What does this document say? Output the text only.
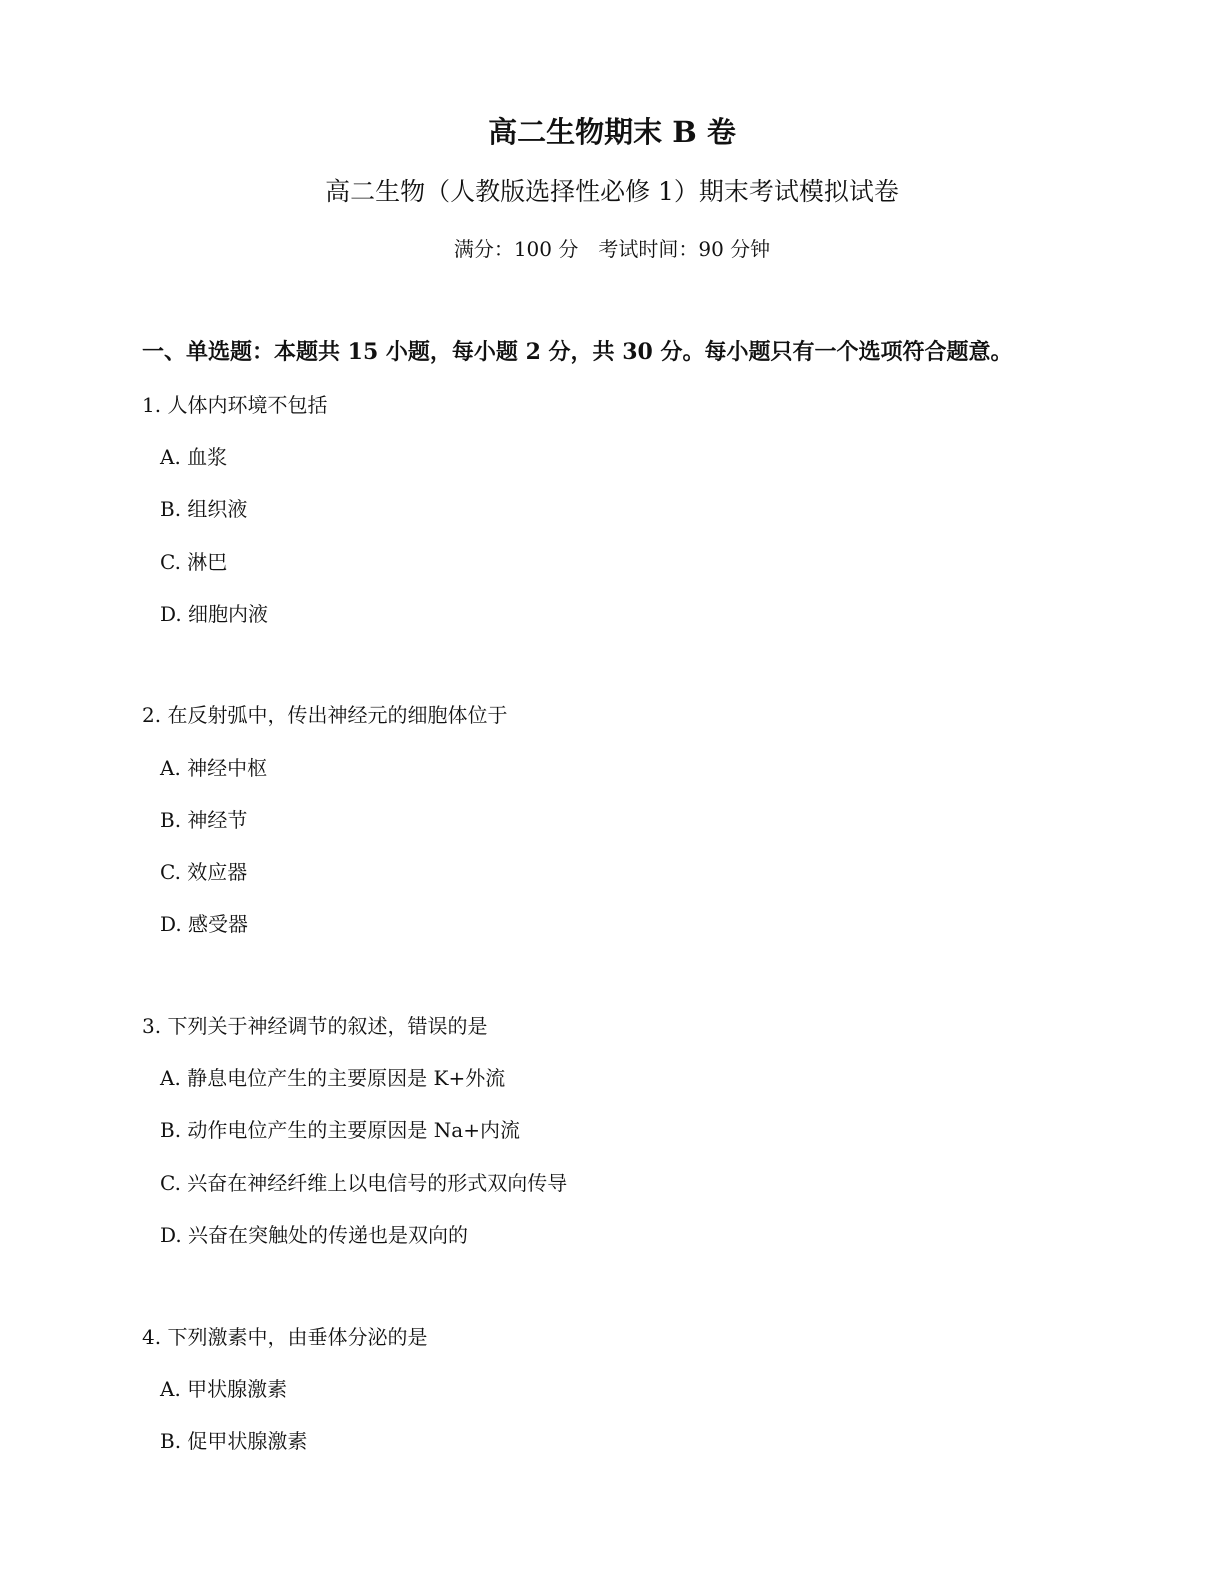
高二生物期末 B 卷
高二生物（人教版选择性必修 1）期末考试模拟试卷
满分：100 分　考试时间：90 分钟
一、单选题：本题共 15 小题，每小题 2 分，共 30 分。每小题只有一个选项符合题意。
1. 人体内环境不包括
A. 血浆
B. 组织液
C. 淋巴
D. 细胞内液
2. 在反射弧中，传出神经元的细胞体位于
A. 神经中枢
B. 神经节
C. 效应器
D. 感受器
3. 下列关于神经调节的叙述，错误的是
A. 静息电位产生的主要原因是 K+外流
B. 动作电位产生的主要原因是 Na+内流
C. 兴奋在神经纤维上以电信号的形式双向传导
D. 兴奋在突触处的传递也是双向的
4. 下列激素中，由垂体分泌的是
A. 甲状腺激素
B. 促甲状腺激素
